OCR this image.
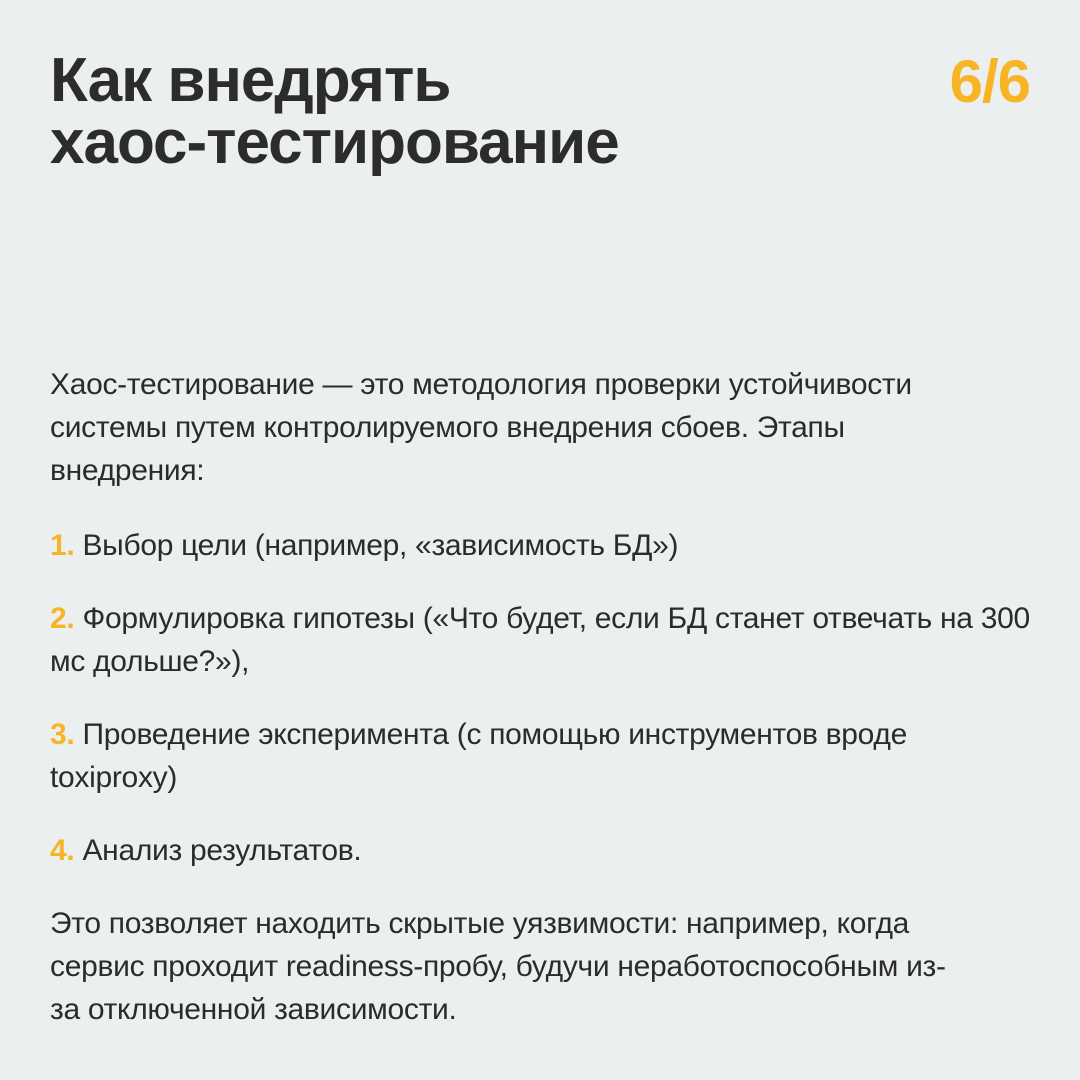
Как внедрять
хаос-тестирование
6/6

Хаос-тестирование — это методология проверки устойчивости системы путем контролируемого внедрения сбоев. Этапы внедрения:

1. Выбор цели (например, «зависимость БД»)
2. Формулировка гипотезы («Что будет, если БД станет отвечать на 300 мс дольше?»),
3. Проведение эксперимента (с помощью инструментов вроде toxiproxy)
4. Анализ результатов.

Это позволяет находить скрытые уязвимости: например, когда сервис проходит readiness-пробу, будучи неработоспособным из-за отключенной зависимости.
